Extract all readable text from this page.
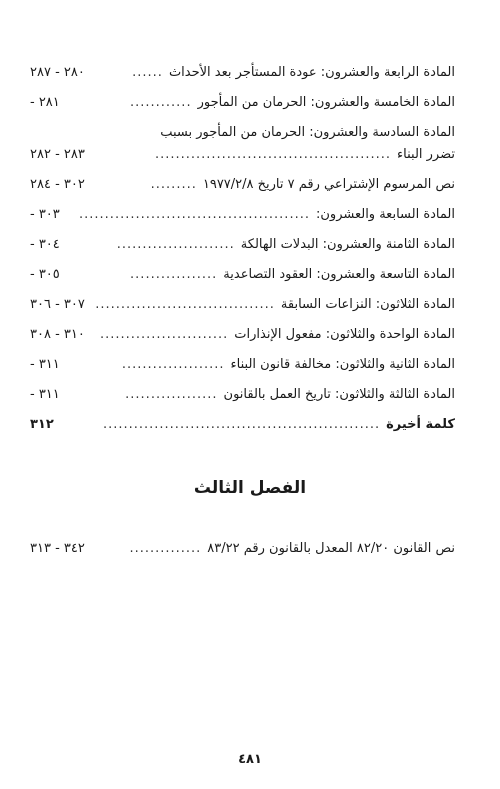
المادة الرابعة والعشرون: عودة المستأجر بعد الأحداث
......
٢٨٠ - ٢٨٧
المادة الخامسة والعشرون: الحرمان من المأجور
............
- ٢٨١
المادة السادسة والعشرون: الحرمان من المأجور بسبب
تضرر البناء
..............................................
٢٨٣ - ٢٨٢
نص المرسوم الإشتراعي رقم ٧ تاريخ ١٩٧٧/٢/٨
.........
٣٠٢ - ٢٨٤
المادة السابعة والعشرون:
.............................................
- ٣٠٣
المادة الثامنة والعشرون: البدلات الهالكة
.......................
- ٣٠٤
المادة التاسعة والعشرون: العقود التصاعدية
.................
- ٣٠٥
المادة الثلاثون: النزاعات السابقة
...................................
٣٠٧ - ٣٠٦
المادة الواحدة والثلاثون: مفعول الإنذارات
.........................
٣١٠ - ٣٠٨
المادة الثانية والثلاثون: مخالفة قانون البناء
....................
- ٣١١
المادة الثالثة والثلاثون: تاريخ العمل بالقانون
..................
- ٣١١
كلمة أخيرة
......................................................
٣١٢
الفصل الثالث
نص القانون ٨٢/٢٠ المعدل بالقانون رقم ٨٣/٢٢
..............
٣٤٢ - ٣١٣
٤٨١
